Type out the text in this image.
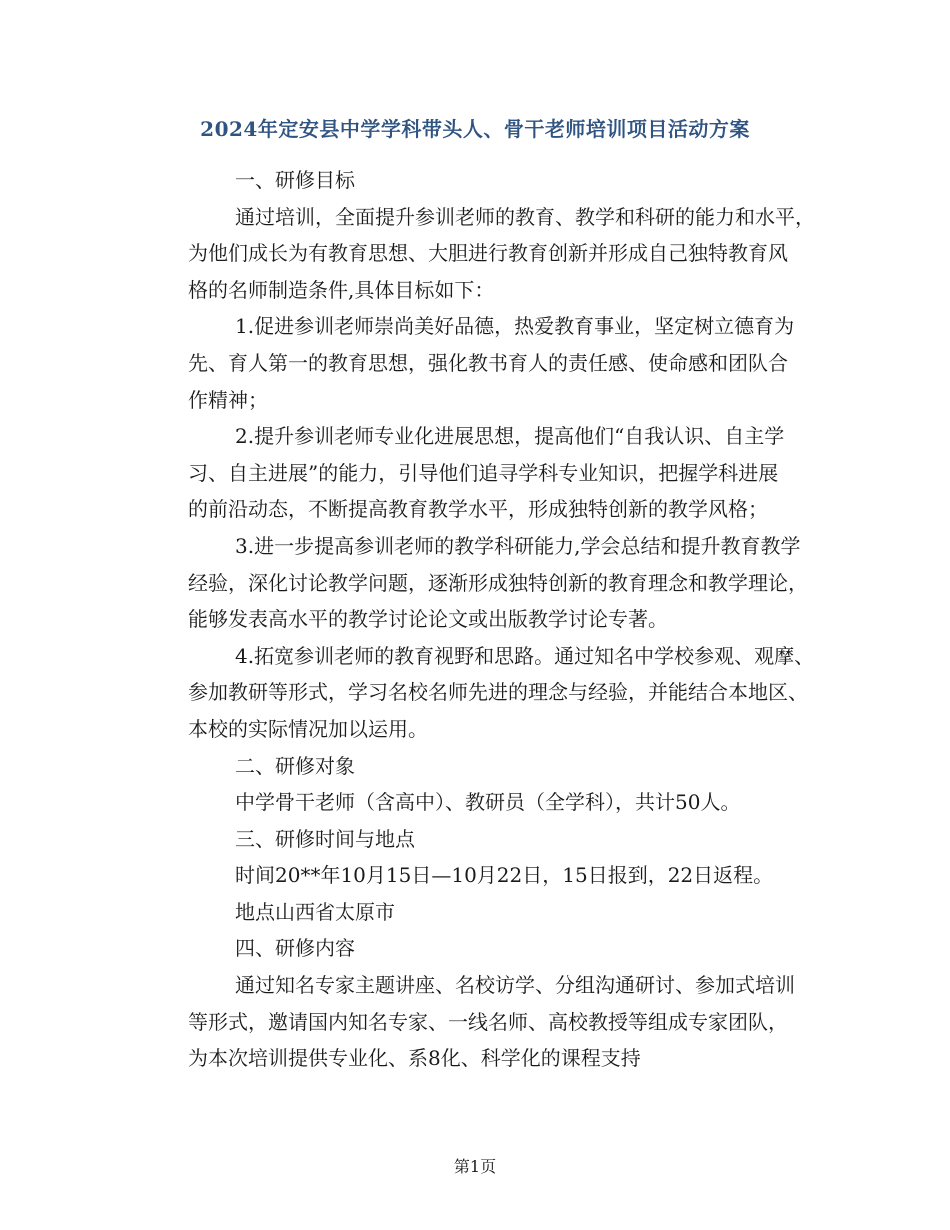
2024年定安县中学学科带头人、骨干老师培训项目活动方案
一、研修目标
通过培训，全面提升参训老师的教育、教学和科研的能力和水平，
为他们成长为有教育思想、大胆进行教育创新并形成自己独特教育风
格的名师制造条件,具体目标如下：
1.促进参训老师崇尚美好品德，热爱教育事业，坚定树立德育为
先、育人第一的教育思想，强化教书育人的责任感、使命感和团队合
作精神；
2.提升参训老师专业化进展思想，提高他们“自我认识、自主学
习、自主进展”的能力，引导他们追寻学科专业知识，把握学科进展
的前沿动态，不断提高教育教学水平，形成独特创新的教学风格；
3.进一步提高参训老师的教学科研能力,学会总结和提升教育教学
经验，深化讨论教学问题，逐渐形成独特创新的教育理念和教学理论，
能够发表高水平的教学讨论论文或出版教学讨论专著。
4.拓宽参训老师的教育视野和思路。通过知名中学校参观、观摩、
参加教研等形式，学习名校名师先进的理念与经验，并能结合本地区、
本校的实际情况加以运用。
二、研修对象
中学骨干老师（含高中）、教研员（全学科），共计50人。
三、研修时间与地点
时间20**年10月15日—10月22日，15日报到，22日返程。
地点山西省太原市
四、研修内容
通过知名专家主题讲座、名校访学、分组沟通研讨、参加式培训
等形式，邀请国内知名专家、一线名师、高校教授等组成专家团队，
为本次培训提供专业化、系8化、科学化的课程支持
第1页
